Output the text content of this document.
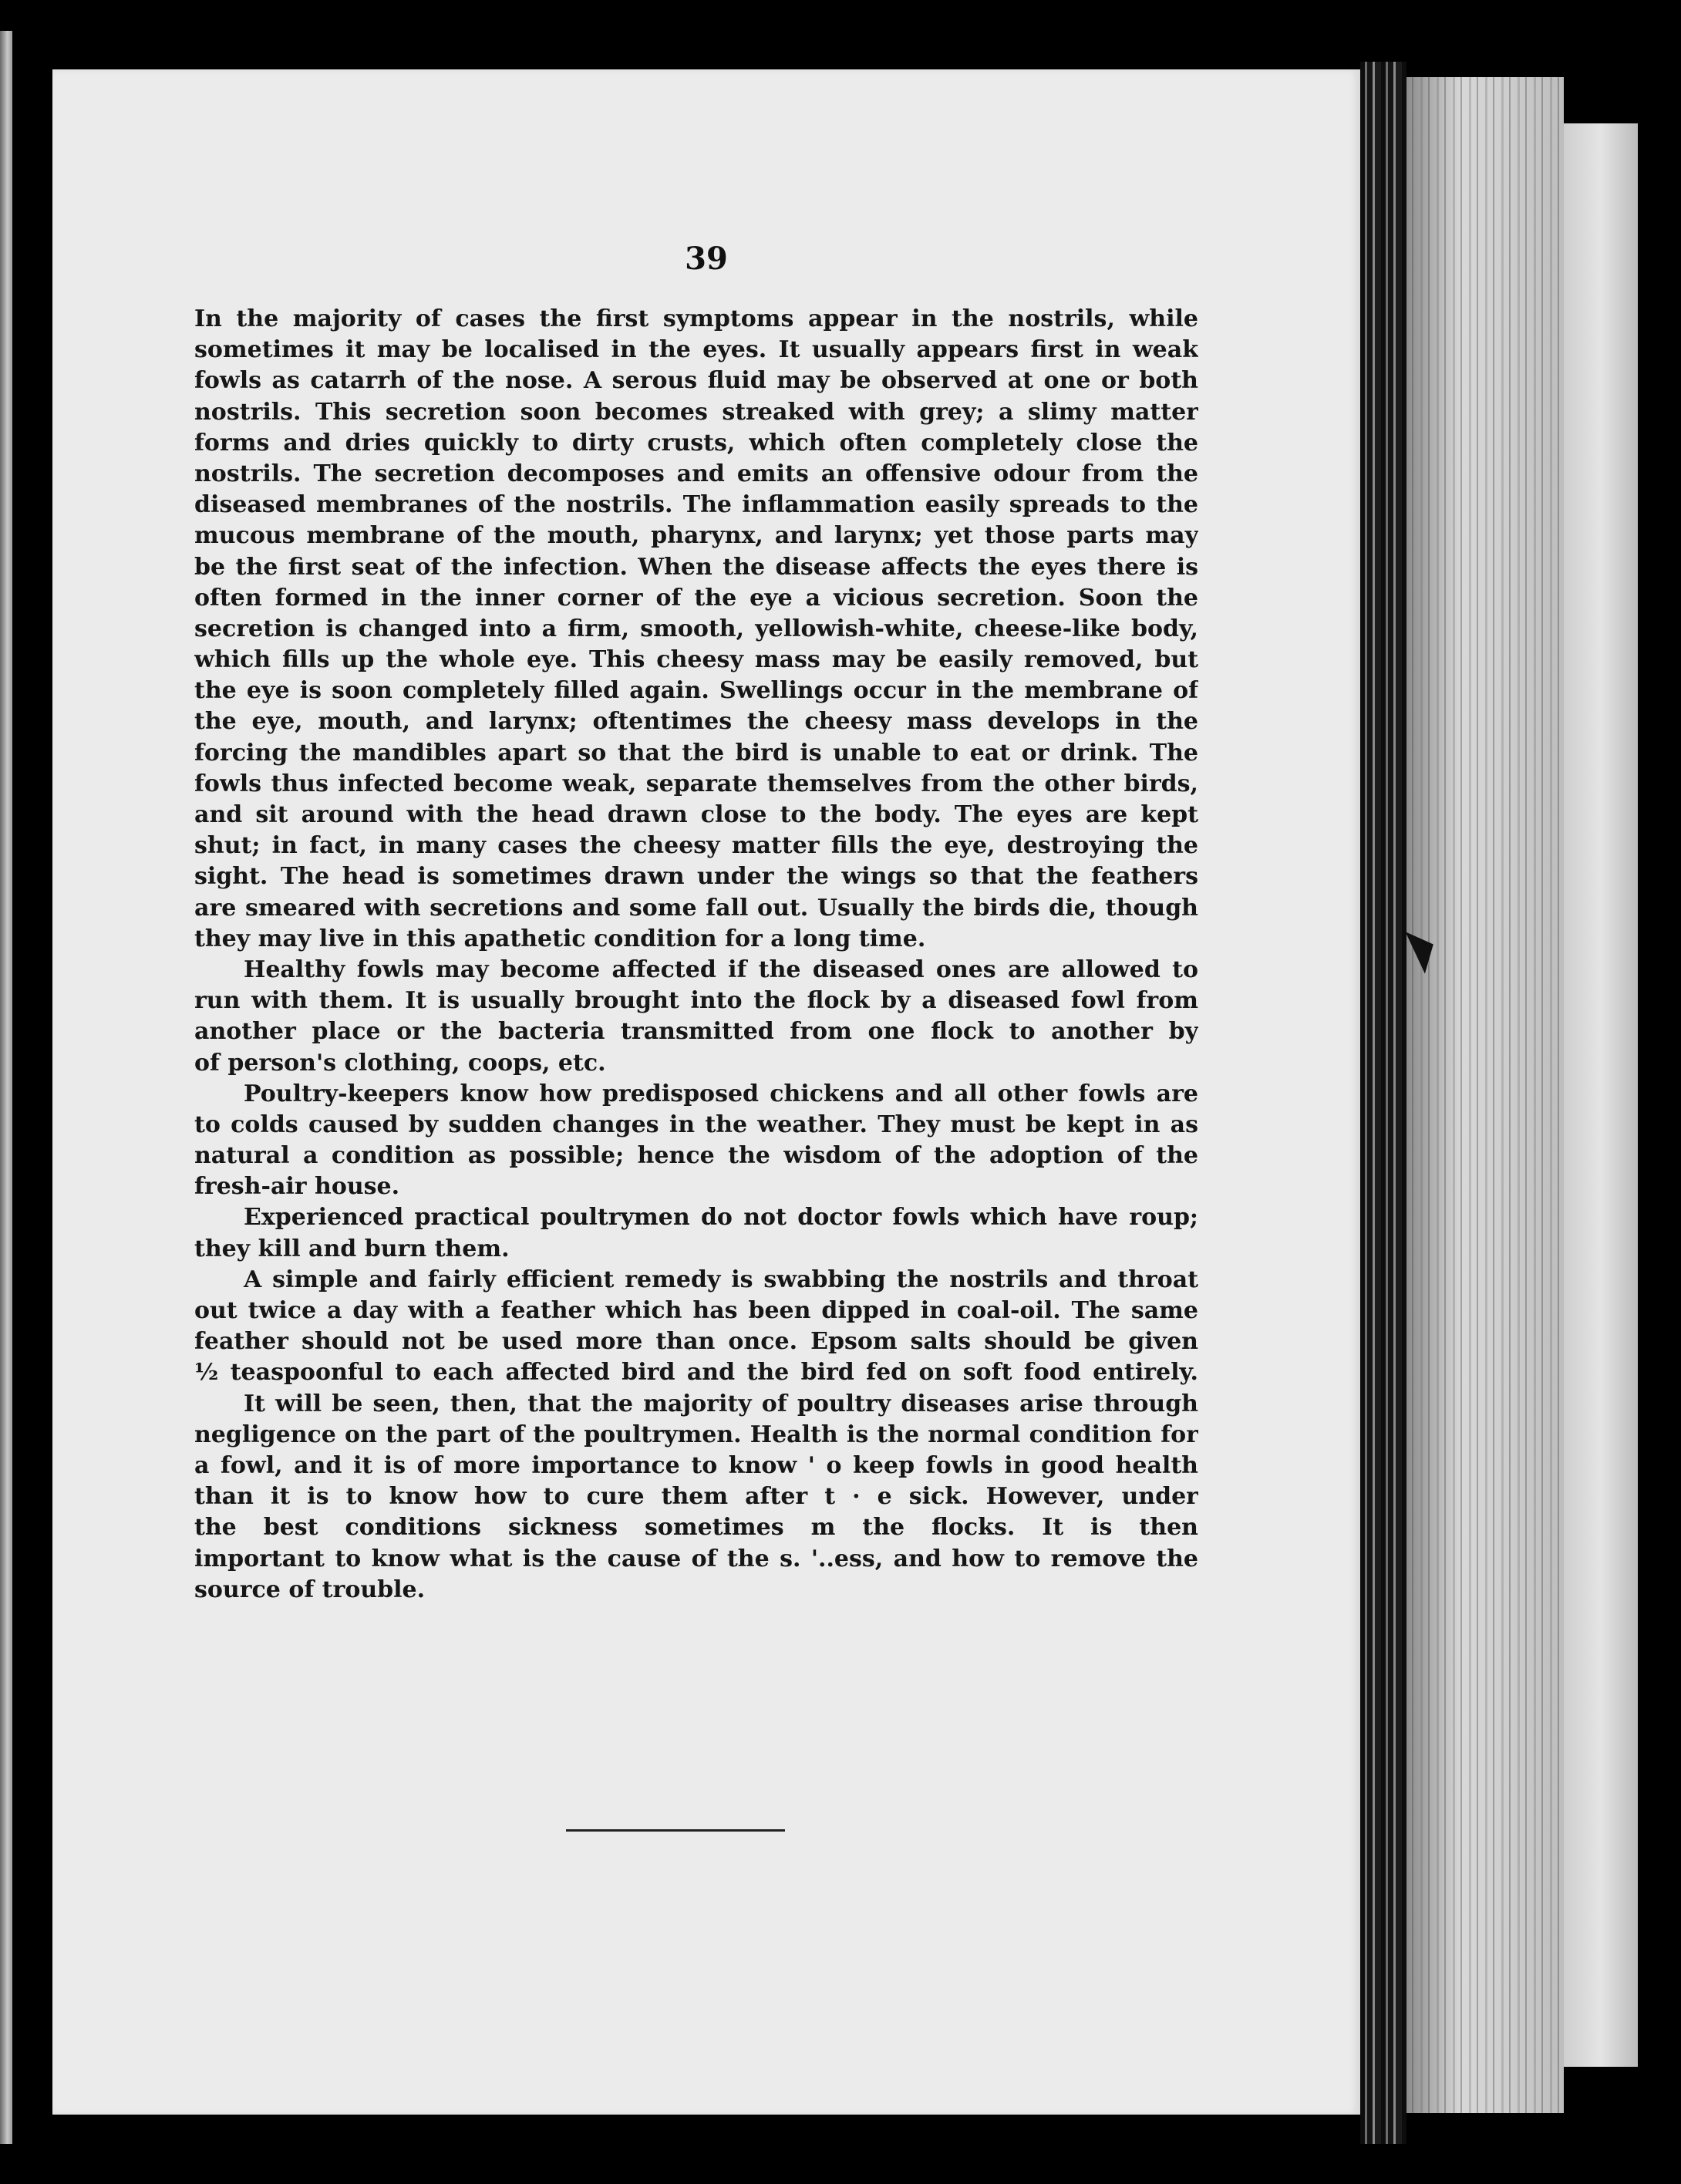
39
In the majority of cases the first symptoms appear in the nostrils, while
sometimes it may be localised in the eyes. It usually appears first in weak
fowls as catarrh of the nose. A serous fluid may be observed at one or both
nostrils. This secretion soon becomes streaked with grey; a slimy matter
forms and dries quickly to dirty crusts, which often completely close the
nostrils. The secretion decomposes and emits an offensive odour from the
diseased membranes of the nostrils. The inflammation easily spreads to the
mucous membrane of the mouth, pharynx, and larynx; yet those parts may
be the first seat of the infection. When the disease affects the eyes there is
often formed in the inner corner of the eye a vicious secretion. Soon the
secretion is changed into a firm, smooth, yellowish-white, cheese-like body,
which fills up the whole eye. This cheesy mass may be easily removed, but
the eye is soon completely filled again. Swellings occur in the membrane of
the eye, mouth, and larynx; oftentimes the cheesy mass develops in the
forcing the mandibles apart so that the bird is unable to eat or drink. The
fowls thus infected become weak, separate themselves from the other birds,
and sit around with the head drawn close to the body. The eyes are kept
shut; in fact, in many cases the cheesy matter fills the eye, destroying the
sight. The head is sometimes drawn under the wings so that the feathers
are smeared with secretions and some fall out. Usually the birds die, though
they may live in this apathetic condition for a long time.
Healthy fowls may become affected if the diseased ones are allowed to
run with them. It is usually brought into the flock by a diseased fowl from
another place or the bacteria transmitted from one flock to another by
of person's clothing, coops, etc.
Poultry-keepers know how predisposed chickens and all other fowls are
to colds caused by sudden changes in the weather. They must be kept in as
natural a condition as possible; hence the wisdom of the adoption of the
fresh-air house.
Experienced practical poultrymen do not doctor fowls which have roup;
they kill and burn them.
A simple and fairly efficient remedy is swabbing the nostrils and throat
out twice a day with a feather which has been dipped in coal-oil. The same
feather should not be used more than once. Epsom salts should be given
½ teaspoonful to each affected bird and the bird fed on soft food entirely.
It will be seen, then, that the majority of poultry diseases arise through
negligence on the part of the poultrymen. Health is the normal condition for
a fowl, and it is of more importance to know ' o keep fowls in good health
than it is to know how to cure them after t · e sick. However, under
the best conditions sickness sometimes m the flocks. It is then
important to know what is the cause of the s. '..ess, and how to remove the
source of trouble.
